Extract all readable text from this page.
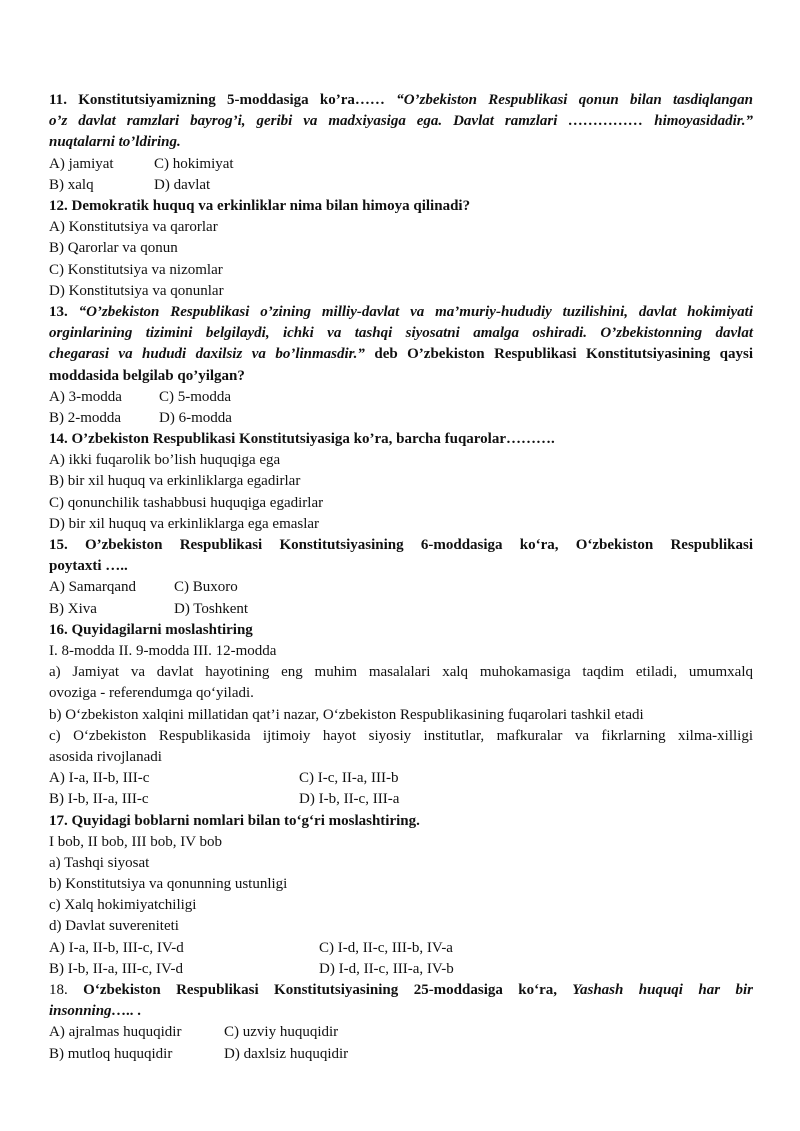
11. Konstitutsiyamizning 5-moddasiga ko’ra…… “O’zbekiston Respublikasi qonun bilan tasdiqlangan
o’z davlat ramzlari bayrog’i, geribi va madxiyasiga ega. Davlat ramzlari …………… himoyasidadir.”
nuqtalarni to’ldiring.
A) jamiyat	C) hokimiyat
B) xalq	D) davlat
12. Demokratik huquq va erkinliklar nima bilan himoya qilinadi?
A) Konstitutsiya va qarorlar
B) Qarorlar va qonun
C) Konstitutsiya va nizomlar
D) Konstitutsiya va qonunlar
13. “O’zbekiston Respublikasi o’zining milliy-davlat va ma’muriy-hududiy tuzilishini, davlat hokimiyati
orginlarining tizimini belgilaydi, ichki va tashqi siyosatni amalga oshiradi. O’zbekistonning davlat
chegarasi va hududi daxilsiz va bo’linmasdir.” deb O’zbekiston Respublikasi Konstitutsiyasining qaysi
moddasida belgilab qo’yilgan?
A) 3-modda C) 5-modda
B) 2-modda	D) 6-modda
14. O’zbekiston Respublikasi Konstitutsiyasiga ko’ra, barcha fuqarolar……….
A) ikki fuqarolik bo’lish huquqiga ega
B) bir xil huquq va erkinliklarga egadirlar
C) qonunchilik tashabbusi huquqiga egadirlar
D) bir xil huquq va erkinliklarga ega emaslar
15. O’zbekiston Respublikasi Konstitutsiyasining 6-moddasiga ko‘ra, O‘zbekiston Respublikasi
poytaxti …..
A) Samarqand	C) Buxoro
B) Xiva	D) Toshkent
16. Quyidagilarni moslashtiring
I. 8-modda II. 9-modda III. 12-modda
a) Jamiyat va davlat hayotining eng muhim masalalari xalq muhokamasiga taqdim etiladi, umumxalq
ovoziga - referendumga qo‘yiladi.
b) O‘zbekiston xalqini millatidan qat’i nazar, O‘zbekiston Respublikasining fuqarolari tashkil etadi
c) O‘zbekiston Respublikasida ijtimoiy hayot siyosiy institutlar, mafkuralar va fikrlarning xilma-xilligi
asosida rivojlanadi
A) I-a, II-b, III-c	C) I-c, II-a, III-b
B) I-b, II-a, III-c	D) I-b, II-c, III-a
17. Quyidagi boblarni nomlari bilan to‘g‘ri moslashtiring.
I bob, II bob, III bob, IV bob
a) Tashqi siyosat
b) Konstitutsiya va qonunning ustunligi
c) Xalq hokimiyatchiligi
d) Davlat suvereniteti
A) I-a, II-b, III-c, IV-d	C) I-d, II-c, III-b, IV-a
B) I-b, II-a, III-c, IV-d	D) I-d, II-c, III-a, IV-b
18. O‘zbekiston Respublikasi Konstitutsiyasining 25-moddasiga ko‘ra, Yashash huquqi har bir
insonning….. .
A) ajralmas huquqidir	C) uzviy huquqidir
B) mutloq huquqidir	D) daxlsiz huquqidir
